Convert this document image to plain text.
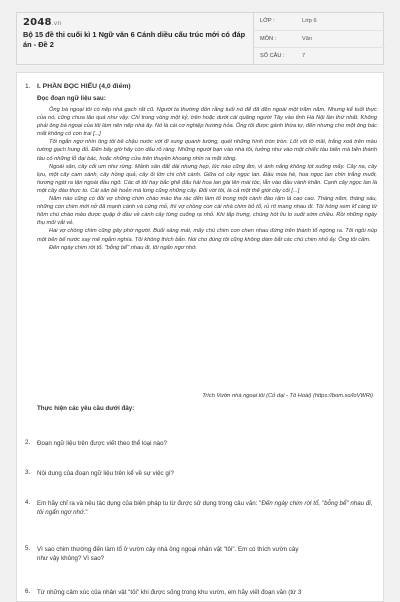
2048.vn
Bộ 15 đề thi cuối kì 1 Ngữ văn 6 Cánh diều cấu trúc mới có đáp án - Đề 2
LỚP :	Lớp 6
MÔN :	Văn
SỐ CÂU :	7
1. I. PHẦN ĐỌC HIỂU (4,0 điểm)
Đọc đoạn ngữ liệu sau:

Ông bà ngoại tôi có nếp nhà gạch rất cũ. Người ta thường đồn rằng tuổi nó để đã đến ngoài một trăm năm. Nhưng kể tuổi thực của nó, cũng chưa lão quá như vậy. Chỉ trong vòng một kỷ, trên hoặc dưới cái quãng người Tây vào tỉnh Hà Nội lần thứ nhất. Không phải ông bà ngoại của tôi làm nên nếp nhà ấy. Nó là cái cơ nghiệp hương hỏa. Ông tôi được gánh thừa tự, đến nhưng cho một ông bác mất không có con trai [...]

Tôi ngắn ngơ nhìn ông tôi bê chậu nước với đi xung quanh tường, quét những hình tròn tròn. Lốt vôi tô mãi, trắng xoá trên màu tường gạch hung đỏ. Đến bây giờ hãy còn dấu rõ ràng. Những người bạn vào nhà tôi, tưởng như vào một chiếc tàu biển mà bên thành tàu có những lỗ đại bác, hoặc những cửa trên thuyền khoang nhìn ra mặt sông.

Ngoài sân, cây cối um như rừng. Mảnh sân đất dài nhưng hẹp, lúc nào cũng ẩm, vì ánh nắng không lọt xuống mấy. Cây na, cây lựu, một cây cam sành, cây hồng quả, cây ổi lớn chi chít cành. Giữa có cây ngọc lan. Đầu mùa hè, hoa ngọc lan chín trắng muốt, hương ngát ra tận ngoài đầu ngõ. Các di tôi hay bắc ghế đẩu hái hoa lan gài lên mái tóc, lẫn vào đầu vành khăn. Cạnh cây ngọc lan là một cây đào thực to. Cái sân bề hoẻn mà lừng cũng những cây. Đối với tôi, là cả một thế giới cây cối [...]

Năm nào cũng có đôi vợ chồng chim chào mào tha rác đến làm tổ trong một cành đào rậm lá cao cao. Tháng năm, tháng sáu, những con chim mới nở đã mạnh cánh và cứng mỏ, thì vợ chồng con cái nhà chim bỏ tổ, rủ rít mang nhau đi. Tôi hóng xem kĩ càng từ hôm chú chào mào được quập ở đầu về cành cây từng cuống rạ nhỏ. Khi tấp trưng, chúng hót líu lo suốt sớm chiều. Rồi những ngày thụ mối vắt vẻ.

Hai vợ chồng chim cũng gây phờ người. Buổi sáng mát, mấy chú chim con chen nhau đứng trên thành tổ ngóng ra. Tôi ngồi núp một bên bể nước say mê ngắm nghía. Tôi không thích bắn. Nói cho đúng tôi cũng không dám bắt các chú chim nhỏ ấy. Ông tôi cấm.

Đến ngày chim rời tổ, "bỗng bể" nhau đi, tôi ngẩn ngơ nhớ.

Trích Vườn nhà ngoại tôi (Cỏ dại - Tô Hoài) (https://bom.so/loVWRi)
Thực hiện các yêu cầu dưới đây:
2. Đoạn ngữ liệu trên được viết theo thể loại nào?
3. Nội dung của đoạn ngữ liệu trên kể về sự việc gì?
4. Em hãy chỉ ra và nêu tác dụng của biện pháp tu từ được sử dụng trong câu văn: "Đến ngày chim rời tổ, "bỗng bể" nhau đi, tôi ngẩn ngơ nhớ."
5. Vì sao chim thường đến làm tổ ở vườn cây nhà ông ngoại nhân vật "tôi". Em có thích vườn cây
như vậy không? Vì sao?
6. Từ những cảm xúc của nhân vật "tôi" khi được sống trong khu vườn, em hãy viết đoạn văn (từ 3
